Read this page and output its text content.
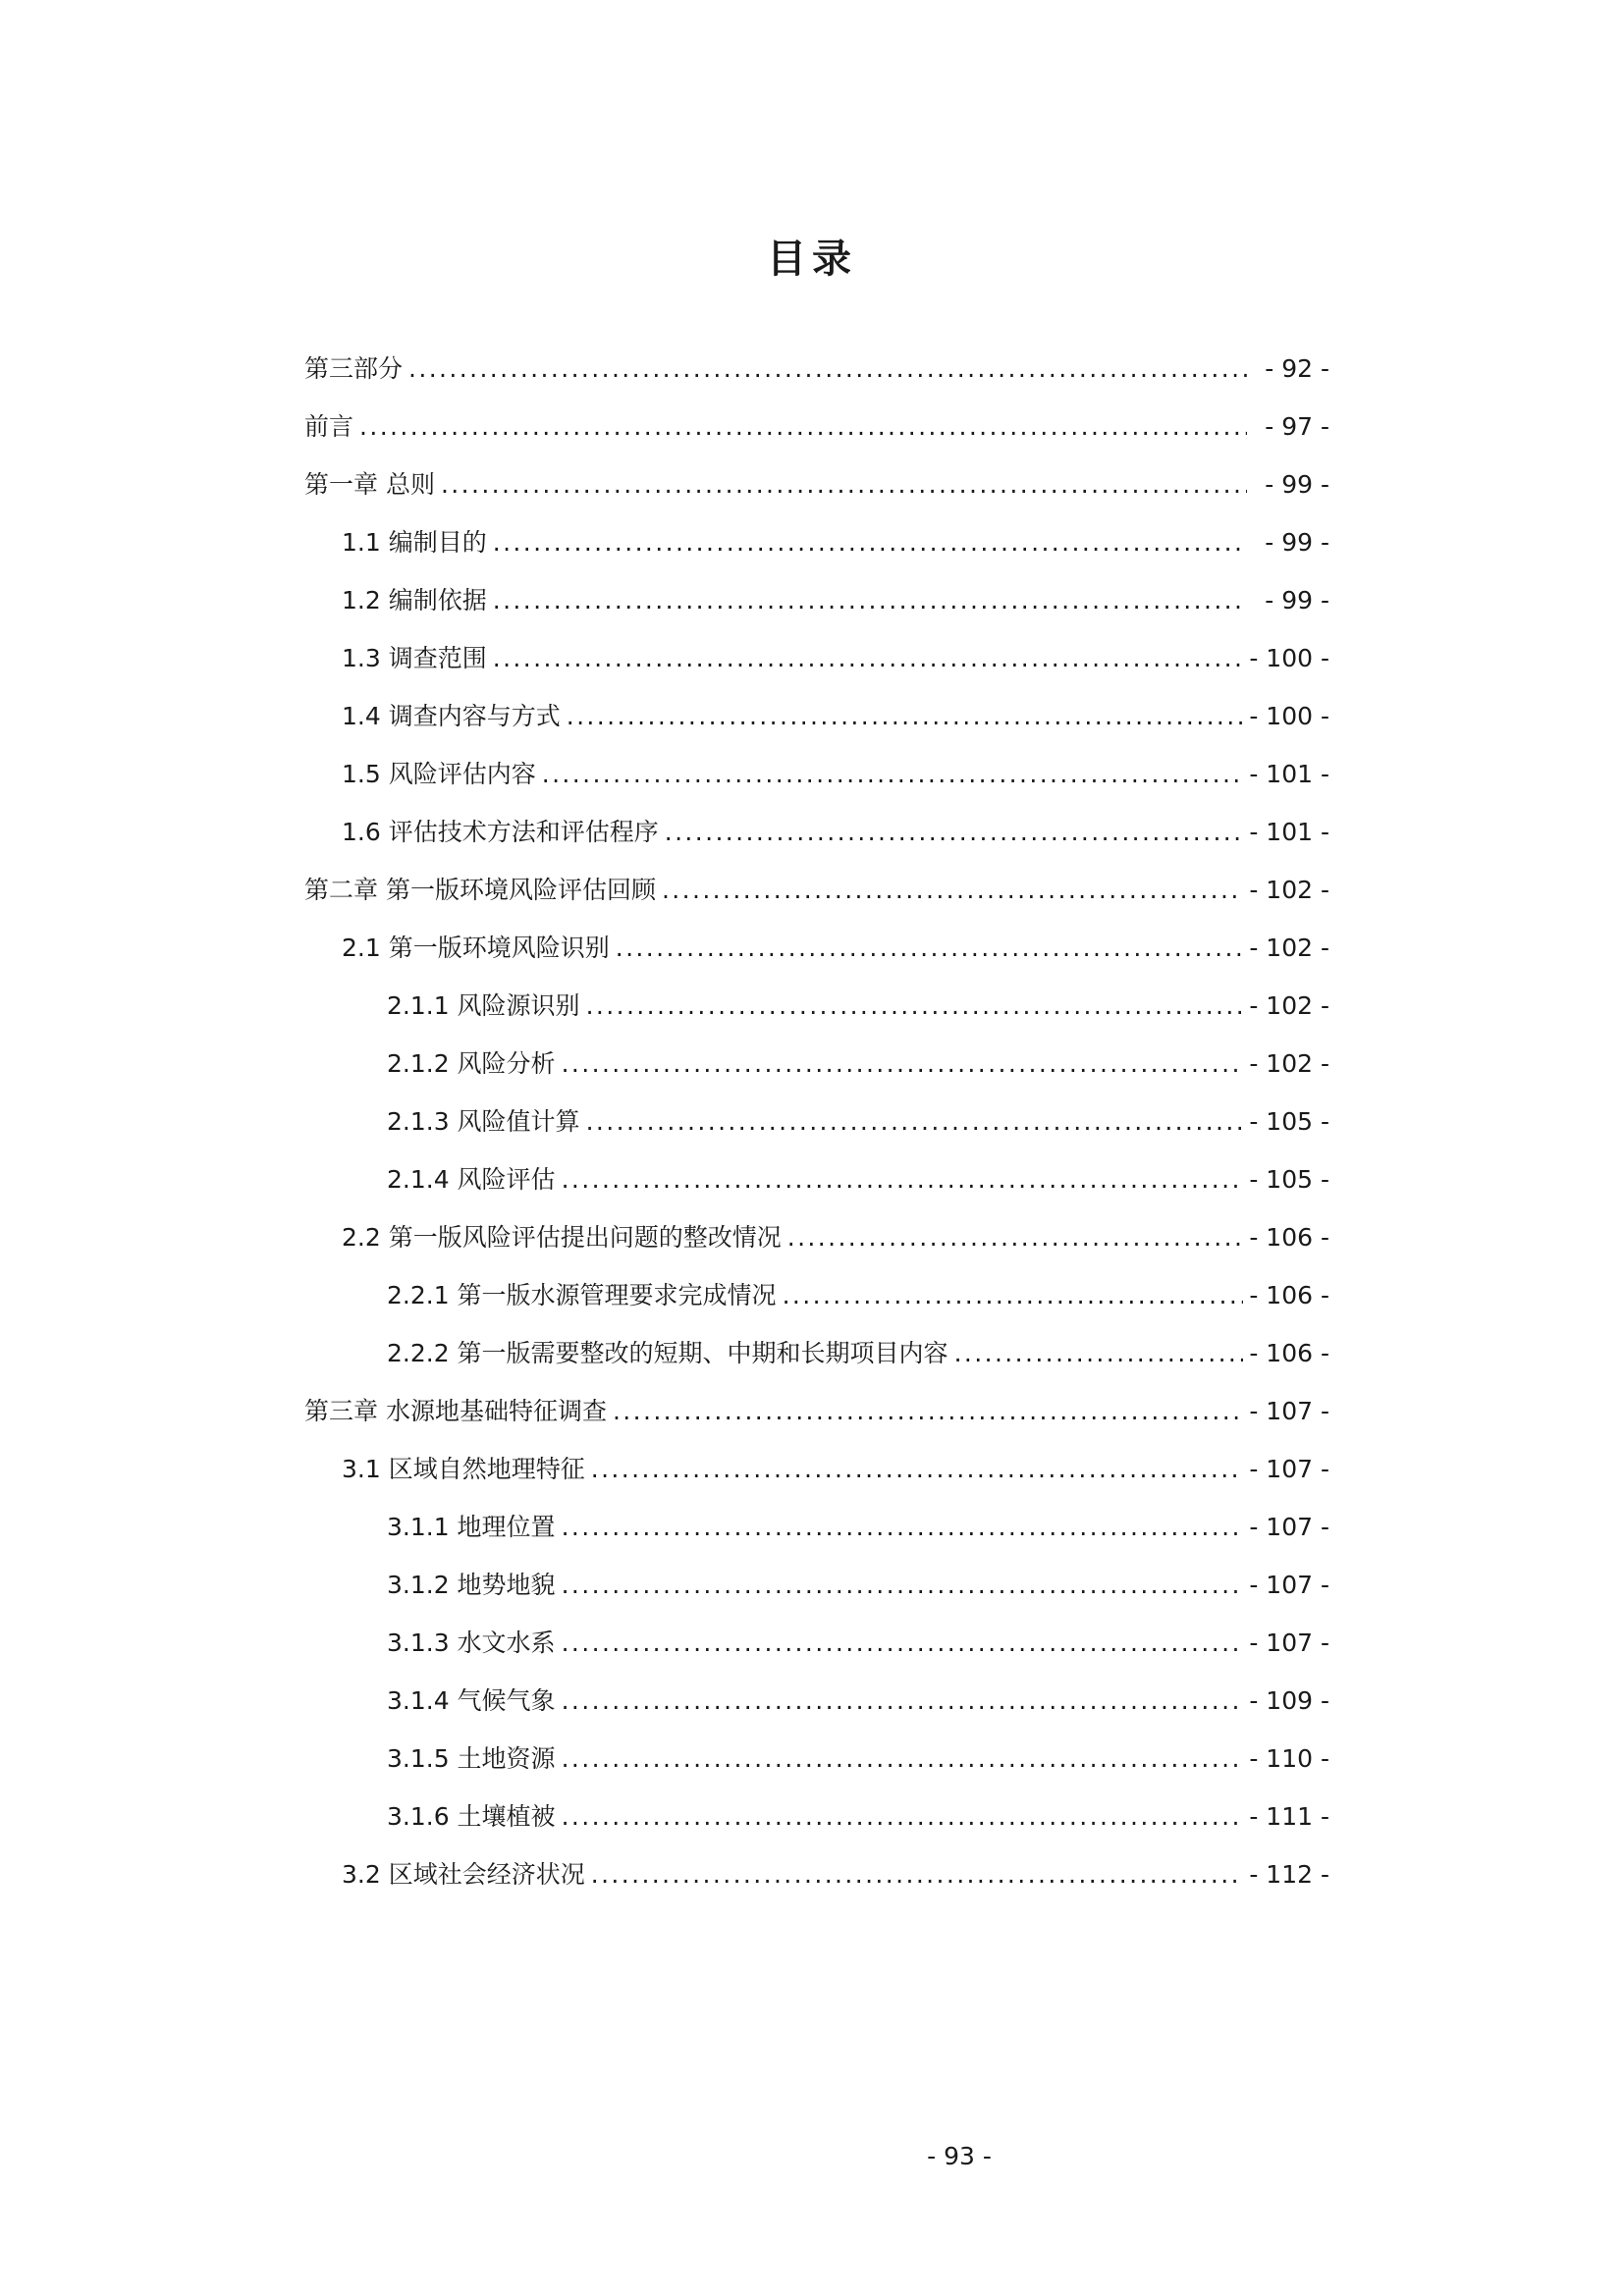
目录
第三部分 .....	- 92 -
前言 .....	- 97 -
第一章 总则 .....	- 99 -
1.1 编制目的 .....	- 99 -
1.2 编制依据 .....	- 99 -
1.3 调查范围 .....	- 100 -
1.4 调查内容与方式 .....	- 100 -
1.5 风险评估内容 .....	- 101 -
1.6 评估技术方法和评估程序 .....	- 101 -
第二章 第一版环境风险评估回顾 .....	- 102 -
2.1 第一版环境风险识别 .....	- 102 -
2.1.1 风险源识别 .....	- 102 -
2.1.2 风险分析 .....	- 102 -
2.1.3 风险值计算 .....	- 105 -
2.1.4 风险评估 .....	- 105 -
2.2 第一版风险评估提出问题的整改情况 .....	- 106 -
2.2.1 第一版水源管理要求完成情况 .....	- 106 -
2.2.2 第一版需要整改的短期、中期和长期项目内容 .....	- 106 -
第三章 水源地基础特征调查 .....	- 107 -
3.1 区域自然地理特征 .....	- 107 -
3.1.1 地理位置 .....	- 107 -
3.1.2 地势地貌 .....	- 107 -
3.1.3 水文水系 .....	- 107 -
3.1.4 气候气象 .....	- 109 -
3.1.5 土地资源 .....	- 110 -
3.1.6 土壤植被 .....	- 111 -
3.2 区域社会经济状况 .....	- 112 -
- 93 -
